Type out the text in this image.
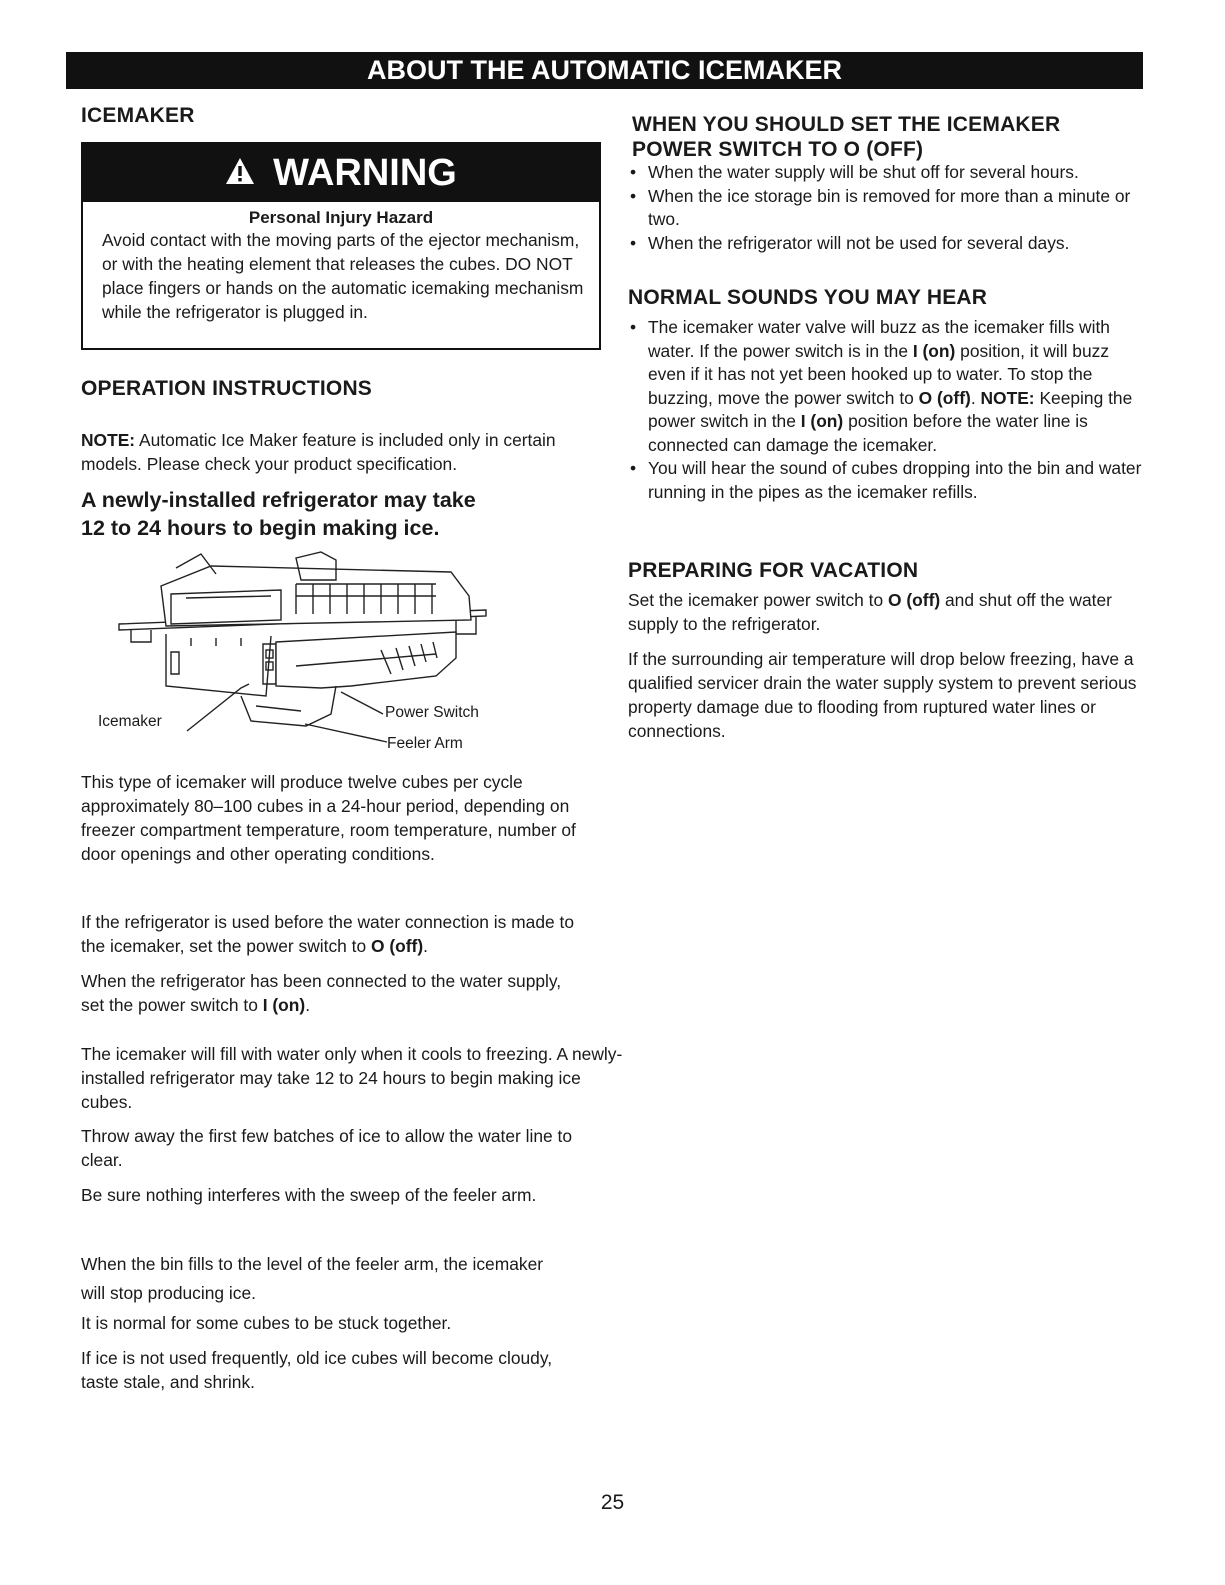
ABOUT THE AUTOMATIC ICEMAKER
ICEMAKER
WARNING
Personal Injury Hazard
Avoid contact with the moving parts of the ejector mechanism, or with the heating element that releases the cubes. DO NOT place fingers or hands on the automatic icemaking mechanism while the refrigerator is plugged in.
OPERATION INSTRUCTIONS

NOTE: Automatic Ice Maker feature is included only in certain models. Please check your product specification.

A newly-installed refrigerator may take
12 to 24 hours to begin making ice.
Icemaker
Power Switch
Feeler Arm

This type of icemaker will produce twelve cubes per cycle approximately 80–100 cubes in a 24-hour period, depending on freezer compartment temperature, room temperature, number of door openings and other operating conditions.

If the refrigerator is used before the water connection is made to the icemaker, set the power switch to O (off).

When the refrigerator has been connected to the water supply, set the power switch to I (on).

The icemaker will fill with water only when it cools to freezing. A newly-installed refrigerator may take 12 to 24 hours to begin making ice cubes.

Throw away the first few batches of ice to allow the water line to clear.

Be sure nothing interferes with the sweep of the feeler arm.

When the bin fills to the level of the feeler arm, the icemaker will stop producing ice.

It is normal for some cubes to be stuck together.

If ice is not used frequently, old ice cubes will become cloudy, taste stale, and shrink.

WHEN YOU SHOULD SET THE ICEMAKER
POWER SWITCH TO O (OFF)
• When the water supply will be shut off for several hours.
• When the ice storage bin is removed for more than a minute or two.
• When the refrigerator will not be used for several days.
NORMAL SOUNDS YOU MAY HEAR
• The icemaker water valve will buzz as the icemaker fills with water. If the power switch is in the I (on) position, it will buzz even if it has not yet been hooked up to water. To stop the buzzing, move the power switch to O (off). NOTE: Keeping the power switch in the I (on) position before the water line is connected can damage the icemaker.
• You will hear the sound of cubes dropping into the bin and water running in the pipes as the icemaker refills.
PREPARING FOR VACATION

Set the icemaker power switch to O (off) and shut off the water supply to the refrigerator.

If the surrounding air temperature will drop below freezing, have a qualified servicer drain the water supply system to prevent serious property damage due to flooding from ruptured water lines or connections.

25
